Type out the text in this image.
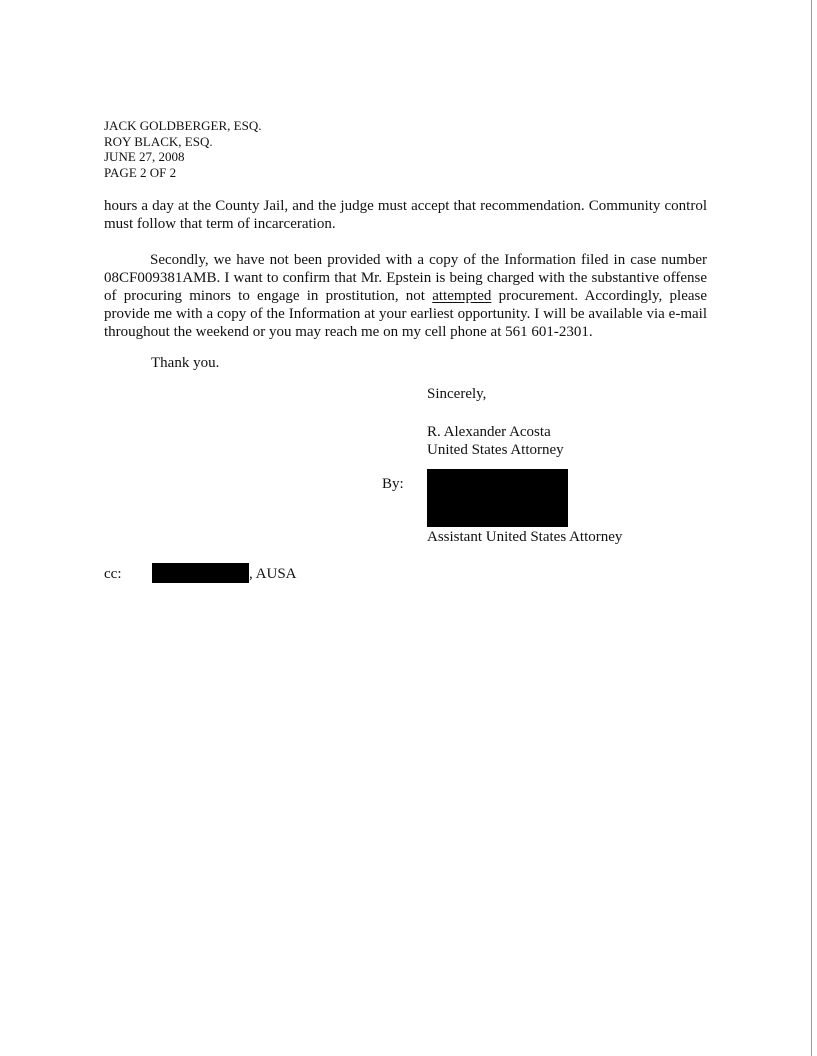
JACK GOLDBERGER, ESQ.
ROY BLACK, ESQ.
JUNE 27, 2008
PAGE 2 OF 2
hours a day at the County Jail, and the judge must accept that recommendation. Community control must follow that term of incarceration.
Secondly, we have not been provided with a copy of the Information filed in case number 08CF009381AMB. I want to confirm that Mr. Epstein is being charged with the substantive offense of procuring minors to engage in prostitution, not attempted procurement. Accordingly, please provide me with a copy of the Information at your earliest opportunity. I will be available via e-mail throughout the weekend or you may reach me on my cell phone at 561 601-2301.
Thank you.
Sincerely,
R. Alexander Acosta
United States Attorney
By:
Assistant United States Attorney
cc:	, AUSA
